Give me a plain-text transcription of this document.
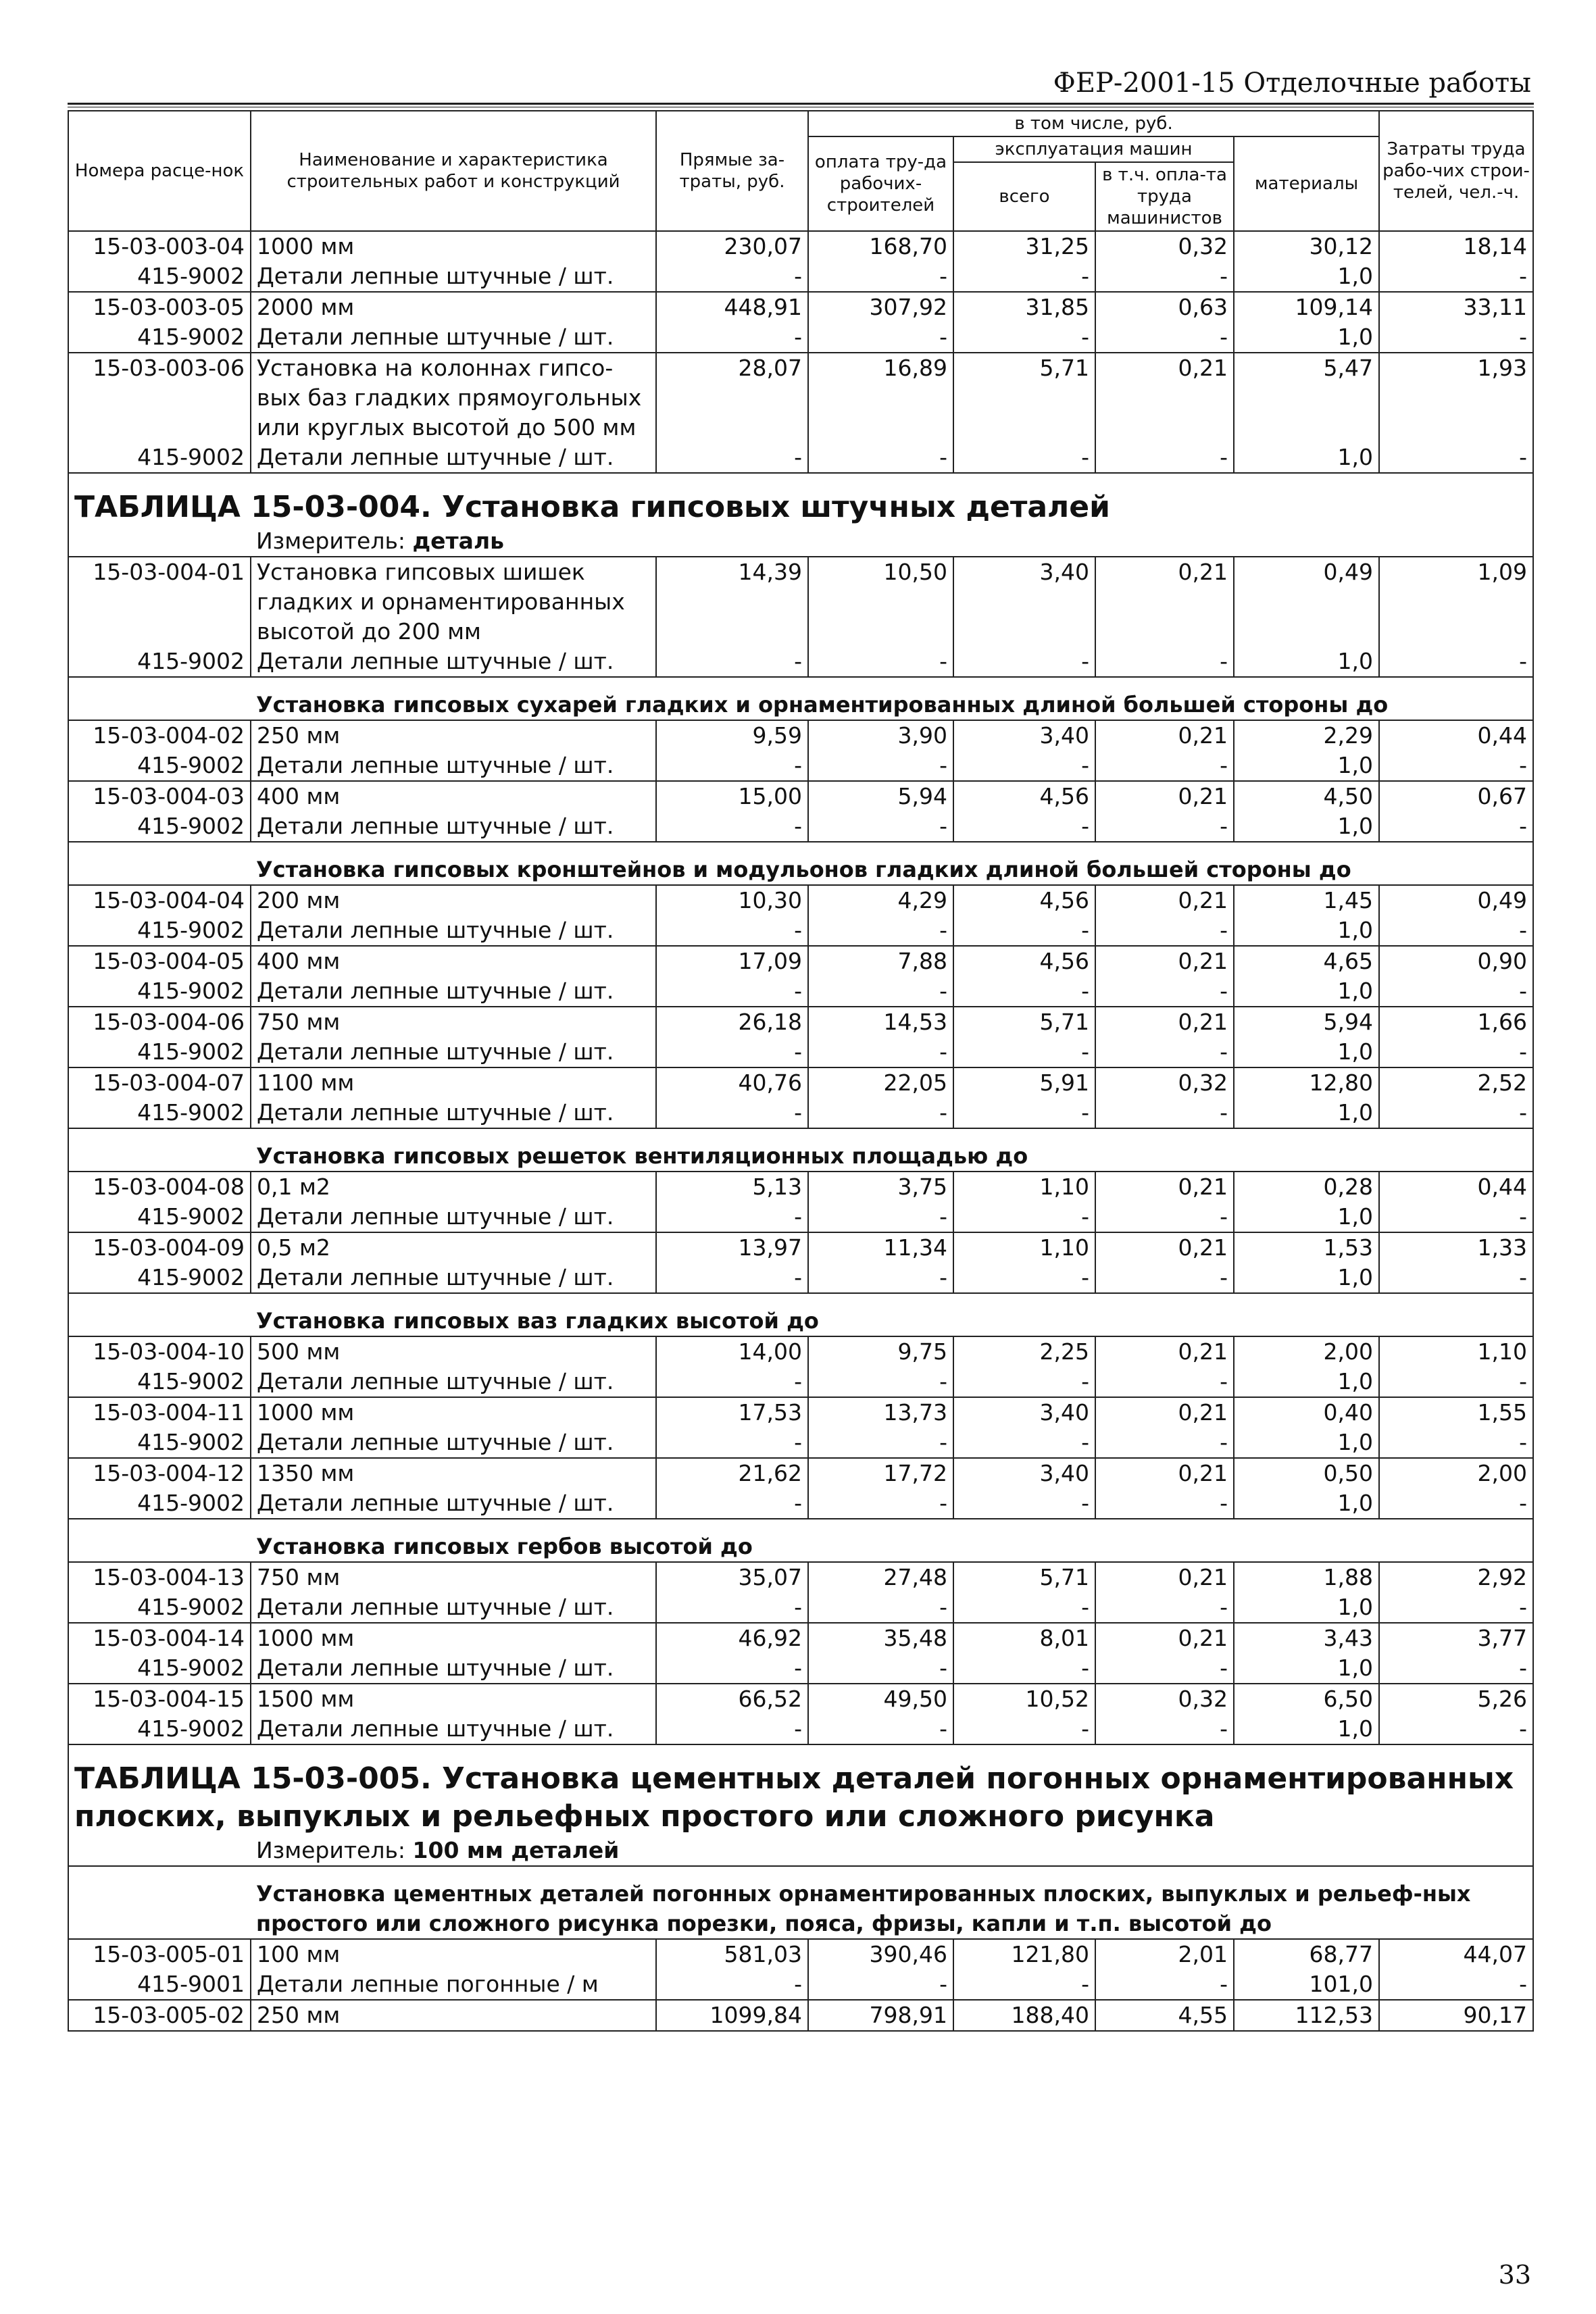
ФЕР-2001-15 Отделочные работы
Номера расце-нок	Наименование и характеристика строительных работ и конструкций	Прямые за-траты, руб.	в том числе, руб.				Затраты труда рабо-чих строи-телей, чел.-ч.
			оплата тру-да рабочих-строителей	эксплуатация машин		материалы	
				всего	в т.ч. опла-та труда машинистов		
15-03-003-04	1000 мм	230,07	168,70	31,25	0,32	30,12	18,14
415-9002	Детали лепные штучные / шт.	-	-	-	-	1,0	-
15-03-003-05	2000 мм	448,91	307,92	31,85	0,63	109,14	33,11
415-9002	Детали лепные штучные / шт.	-	-	-	-	1,0	-
15-03-003-06	Установка на колоннах гипсо-вых баз гладких прямоугольных или круглых высотой до 500 мм	28,07	16,89	5,71	0,21	5,47	1,93
415-9002	Детали лепные штучные / шт.	-	-	-	-	1,0	-
ТАБЛИЦА 15-03-004. Установка гипсовых штучных деталей							
	Измеритель: деталь						
15-03-004-01	Установка гипсовых шишек гладких и орнаментированных высотой до 200 мм	14,39	10,50	3,40	0,21	0,49	1,09
415-9002	Детали лепные штучные / шт.	-	-	-	-	1,0	-
	Установка гипсовых сухарей гладких и орнаментированных длиной большей стороны до						
15-03-004-02	250 мм	9,59	3,90	3,40	0,21	2,29	0,44
415-9002	Детали лепные штучные / шт.	-	-	-	-	1,0	-
15-03-004-03	400 мм	15,00	5,94	4,56	0,21	4,50	0,67
415-9002	Детали лепные штучные / шт.	-	-	-	-	1,0	-
	Установка гипсовых кронштейнов и модульонов гладких длиной большей стороны до						
15-03-004-04	200 мм	10,30	4,29	4,56	0,21	1,45	0,49
415-9002	Детали лепные штучные / шт.	-	-	-	-	1,0	-
15-03-004-05	400 мм	17,09	7,88	4,56	0,21	4,65	0,90
415-9002	Детали лепные штучные / шт.	-	-	-	-	1,0	-
15-03-004-06	750 мм	26,18	14,53	5,71	0,21	5,94	1,66
415-9002	Детали лепные штучные / шт.	-	-	-	-	1,0	-
15-03-004-07	1100 мм	40,76	22,05	5,91	0,32	12,80	2,52
415-9002	Детали лепные штучные / шт.	-	-	-	-	1,0	-
	Установка гипсовых решеток вентиляционных площадью до						
15-03-004-08	0,1 м2	5,13	3,75	1,10	0,21	0,28	0,44
415-9002	Детали лепные штучные / шт.	-	-	-	-	1,0	-
15-03-004-09	0,5 м2	13,97	11,34	1,10	0,21	1,53	1,33
415-9002	Детали лепные штучные / шт.	-	-	-	-	1,0	-
	Установка гипсовых ваз гладких высотой до						
15-03-004-10	500 мм	14,00	9,75	2,25	0,21	2,00	1,10
415-9002	Детали лепные штучные / шт.	-	-	-	-	1,0	-
15-03-004-11	1000 мм	17,53	13,73	3,40	0,21	0,40	1,55
415-9002	Детали лепные штучные / шт.	-	-	-	-	1,0	-
15-03-004-12	1350 мм	21,62	17,72	3,40	0,21	0,50	2,00
415-9002	Детали лепные штучные / шт.	-	-	-	-	1,0	-
	Установка гипсовых гербов высотой до						
15-03-004-13	750 мм	35,07	27,48	5,71	0,21	1,88	2,92
415-9002	Детали лепные штучные / шт.	-	-	-	-	1,0	-
15-03-004-14	1000 мм	46,92	35,48	8,01	0,21	3,43	3,77
415-9002	Детали лепные штучные / шт.	-	-	-	-	1,0	-
15-03-004-15	1500 мм	66,52	49,50	10,52	0,32	6,50	5,26
415-9002	Детали лепные штучные / шт.	-	-	-	-	1,0	-
ТАБЛИЦА 15-03-005. Установка цементных деталей погонных орнаментированных плоских, выпуклых и рельефных простого или сложного рисунка							
	Измеритель: 100 мм деталей						
	Установка цементных деталей погонных орнаментированных плоских, выпуклых и рельеф-ных простого или сложного рисунка порезки, пояса, фризы, капли и т.п. высотой до						
15-03-005-01	100 мм	581,03	390,46	121,80	2,01	68,77	44,07
415-9001	Детали лепные погонные / м	-	-	-	-	101,0	-
15-03-005-02	250 мм	1099,84	798,91	188,40	4,55	112,53	90,17
33
